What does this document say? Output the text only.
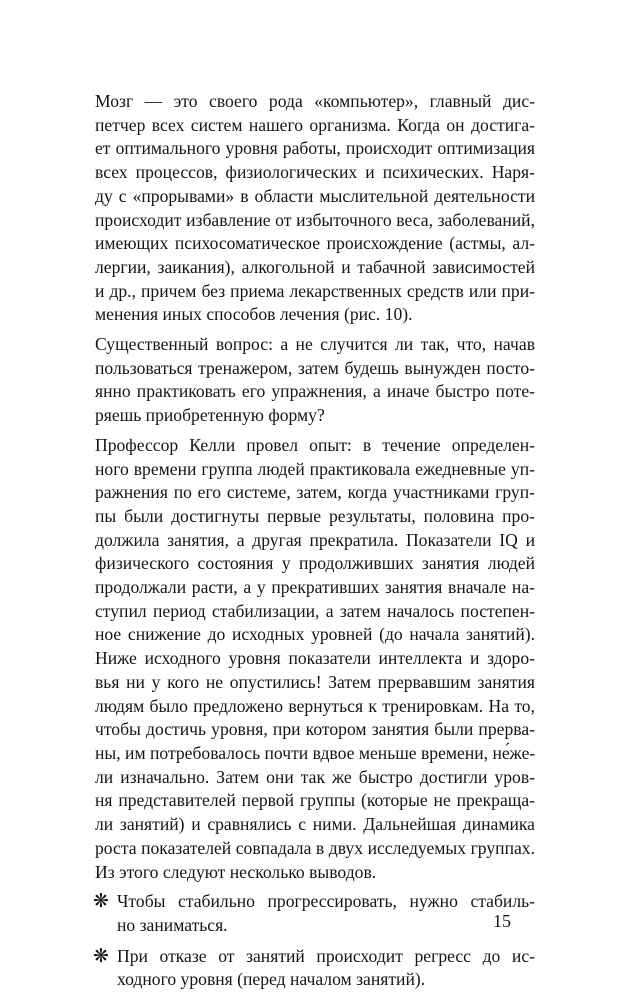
Мозг — это своего рода «компьютер», главный дис-
петчер всех систем нашего организма. Когда он достига-
ет оптимального уровня работы, происходит оптимизация
всех процессов, физиологических и психических. Наря-
ду с «прорывами» в области мыслительной деятельности
происходит избавление от избыточного веса, заболеваний,
имеющих психосоматическое происхождение (астмы, ал-
лергии, заикания), алкогольной и табачной зависимостей
и др., причем без приема лекарственных средств или при-
менения иных способов лечения (рис. 10).

Существенный вопрос: а не случится ли так, что, начав
пользоваться тренажером, затем будешь вынужден посто-
янно практиковать его упражнения, а иначе быстро поте-
ряешь приобретенную форму?

Профессор Келли провел опыт: в течение определен-
ного времени группа людей практиковала ежедневные уп-
ражнения по его системе, затем, когда участниками груп-
пы были достигнуты первые результаты, половина про-
должила занятия, а другая прекратила. Показатели IQ и
физического состояния у продолживших занятия людей
продолжали расти, а у прекративших занятия вначале на-
ступил период стабилизации, а затем началось постепен-
ное снижение до исходных уровней (до начала занятий).
Ниже исходного уровня показатели интеллекта и здоро-
вья ни у кого не опустились! Затем прервавшим занятия
людям было предложено вернуться к тренировкам. На то,
чтобы достичь уровня, при котором занятия были прерва-
ны, им потребовалось почти вдвое меньше времени, не́же-
ли изначально. Затем они так же быстро достигли уров-
ня представителей первой группы (которые не прекраща-
ли занятий) и сравнялись с ними. Дальнейшая динамика
роста показателей совпадала в двух исследуемых группах.
Из этого следуют несколько выводов.

❋ Чтобы стабильно прогрессировать, нужно стабиль-
но заниматься.
❋ При отказе от занятий происходит регресс до ис-
ходного уровня (перед началом занятий).
15
